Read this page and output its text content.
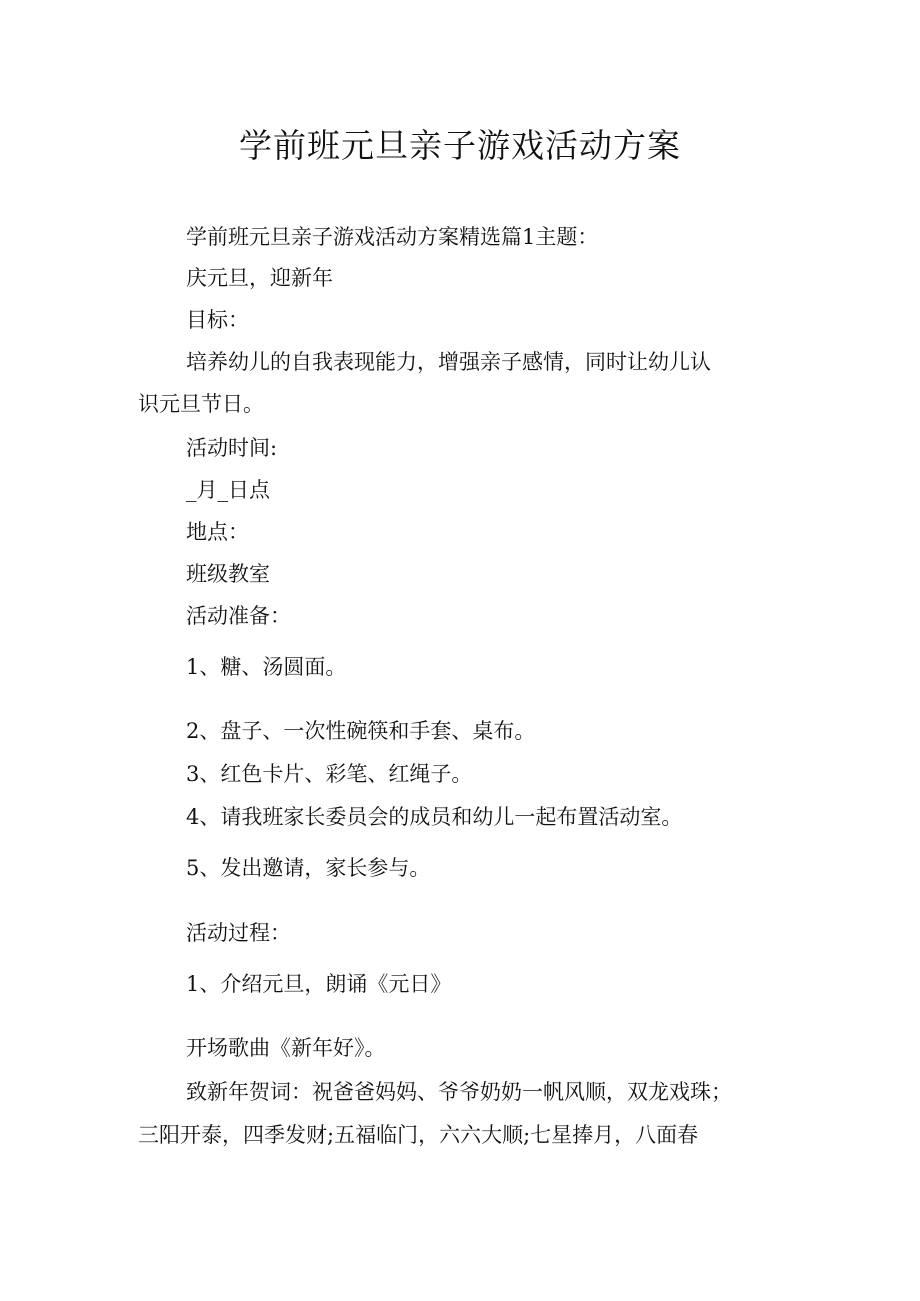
学前班元旦亲子游戏活动方案

学前班元旦亲子游戏活动方案精选篇1主题：

庆元旦，迎新年

目标：

培养幼儿的自我表现能力，增强亲子感情，同时让幼儿认

识元旦节日。

活动时间:

_月_日点

地点：

班级教室

活动准备：

1、糖、汤圆面。

2、盘子、一次性碗筷和手套、桌布。

3、红色卡片、彩笔、红绳子。

4、请我班家长委员会的成员和幼儿一起布置活动室。

5、发出邀请，家长参与。

活动过程：

1、介绍元旦，朗诵《元日》

开场歌曲《新年好》。

致新年贺词：祝爸爸妈妈、爷爷奶奶一帆风顺，双龙戏珠；

三阳开泰，四季发财;五福临门，六六大顺;七星捧月，八面春
